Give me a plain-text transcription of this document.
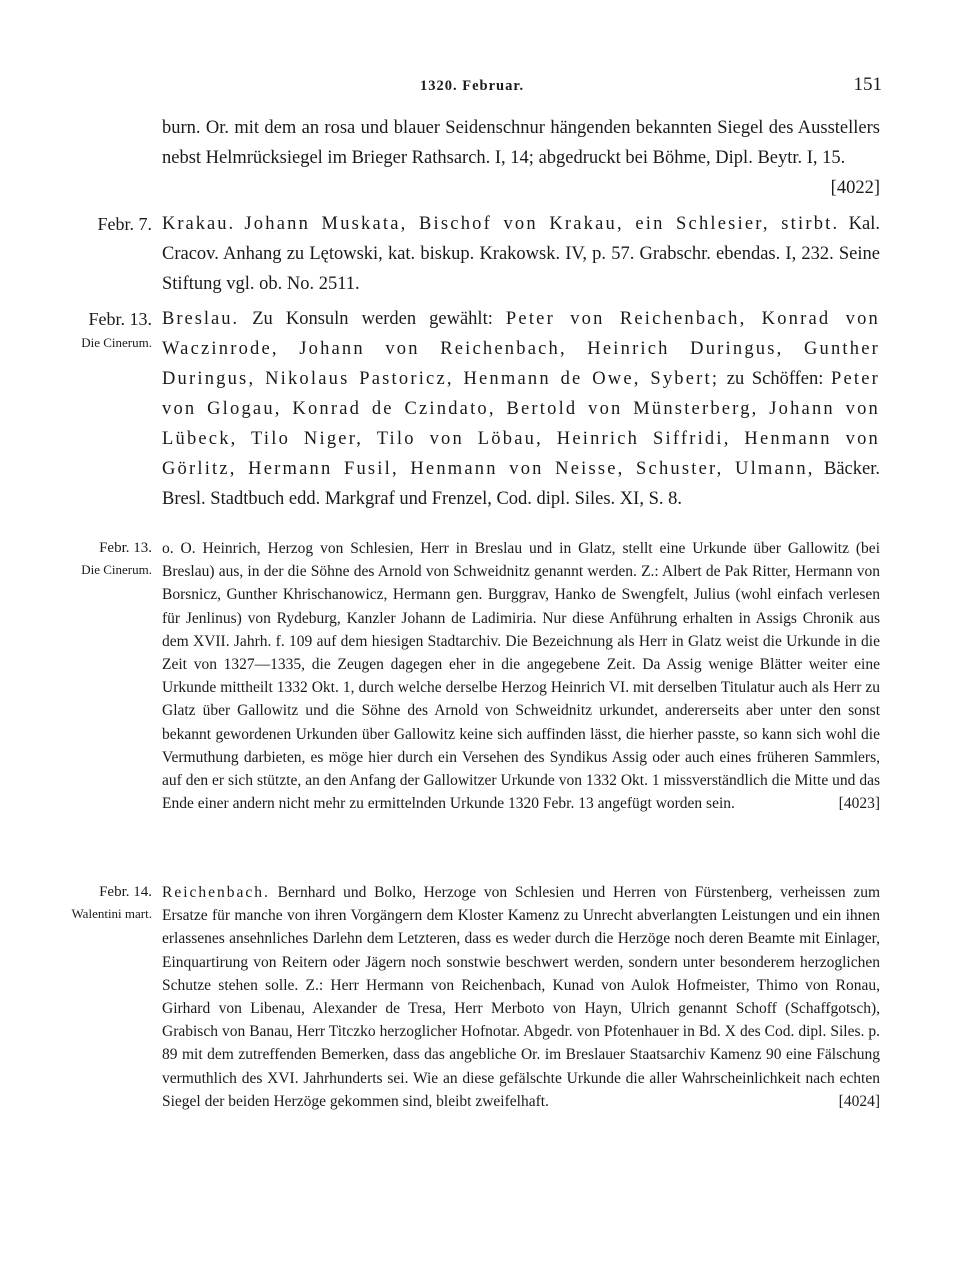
1320. Februar.	151
burn. Or. mit dem an rosa und blauer Seidenschnur hängenden bekannten Siegel des Ausstellers nebst Helmrücksiegel im Brieger Rathsarch. I, 14; abgedruckt bei Böhme, Dipl. Beytr. I, 15.
[4022]
Febr. 7. Krakau. Johann Muskata, Bischof von Krakau, ein Schlesier, stirbt. Kal. Cracov. Anhang zu Lętowski, kat. biskup. Krakowsk. IV, p. 57. Grabschr. ebendas. I, 232. Seine Stiftung vgl. ob. No. 2511.
Febr. 13.
Die Cinerum.
Breslau. Zu Konsuln werden gewählt: Peter von Reichenbach, Konrad von Waczinrode, Johann von Reichenbach, Heinrich Duringus, Gunther Duringus, Nikolaus Pastoricz, Henmann de Owe, Sybert; zu Schöffen: Peter von Glogau, Konrad de Czindato, Bertold von Münsterberg, Johann von Lübeck, Tilo Niger, Tilo von Löbau, Heinrich Siffridi, Henmann von Görlitz, Hermann Fusil, Henmann von Neisse, Schuster, Ulmann, Bäcker. Bresl. Stadtbuch edd. Markgraf und Frenzel, Cod. dipl. Siles. XI, S. 8.
Febr. 13.
Die Cinerum.
o. O. Heinrich, Herzog von Schlesien, Herr in Breslau und in Glatz, stellt eine Urkunde über Gallowitz (bei Breslau) aus, in der die Söhne des Arnold von Schweidnitz genannt werden. Z.: Albert de Pak Ritter, Hermann von Borsnicz, Gunther Khrischanowicz, Hermann gen. Burggrav, Hanko de Swengfelt, Julius (wohl einfach verlesen für Jenlinus) von Rydeburg, Kanzler Johann de Ladimiria. Nur diese Anführung erhalten in Assigs Chronik aus dem XVII. Jahrh. f. 109 auf dem hiesigen Stadtarchiv. Die Bezeichnung als Herr in Glatz weist die Urkunde in die Zeit von 1327—1335, die Zeugen dagegen eher in die angegebene Zeit. Da Assig wenige Blätter weiter eine Urkunde mittheilt 1332 Okt. 1, durch welche derselbe Herzog Heinrich VI. mit derselben Titulatur auch als Herr zu Glatz über Gallowitz und die Söhne des Arnold von Schweidnitz urkundet, andererseits aber unter den sonst bekannt gewordenen Urkunden über Gallowitz keine sich auffinden lässt, die hierher passte, so kann sich wohl die Vermuthung darbieten, es möge hier durch ein Versehen des Syndikus Assig oder auch eines früheren Sammlers, auf den er sich stützte, an den Anfang der Gallowitzer Urkunde von 1332 Okt. 1 missverständlich die Mitte und das Ende einer andern nicht mehr zu ermittelnden Urkunde 1320 Febr. 13 angefügt worden sein.	[4023]
Febr. 14.
Walentini mart.
Reichenbach. Bernhard und Bolko, Herzoge von Schlesien und Herren von Fürstenberg, verheissen zum Ersatze für manche von ihren Vorgängern dem Kloster Kamenz zu Unrecht abverlangten Leistungen und ein ihnen erlassenes ansehnliches Darlehn dem Letzteren, dass es weder durch die Herzöge noch deren Beamte mit Einlager, Einquartirung von Reitern oder Jägern noch sonstwie beschwert werden, sondern unter besonderem herzoglichen Schutze stehen solle. Z.: Herr Hermann von Reichenbach, Kunad von Aulok Hofmeister, Thimo von Ronau, Girhard von Libenau, Alexander de Tresa, Herr Merboto von Hayn, Ulrich genannt Schoff (Schaffgotsch), Grabisch von Banau, Herr Titczko herzoglicher Hofnotar. Abgedr. von Pfotenhauer in Bd. X des Cod. dipl. Siles. p. 89 mit dem zutreffenden Bemerken, dass das angebliche Or. im Breslauer Staatsarchiv Kamenz 90 eine Fälschung vermuthlich des XVI. Jahrhunderts sei. Wie an diese gefälschte Urkunde die aller Wahrscheinlichkeit nach echten Siegel der beiden Herzöge gekommen sind, bleibt zweifelhaft.	[4024]
